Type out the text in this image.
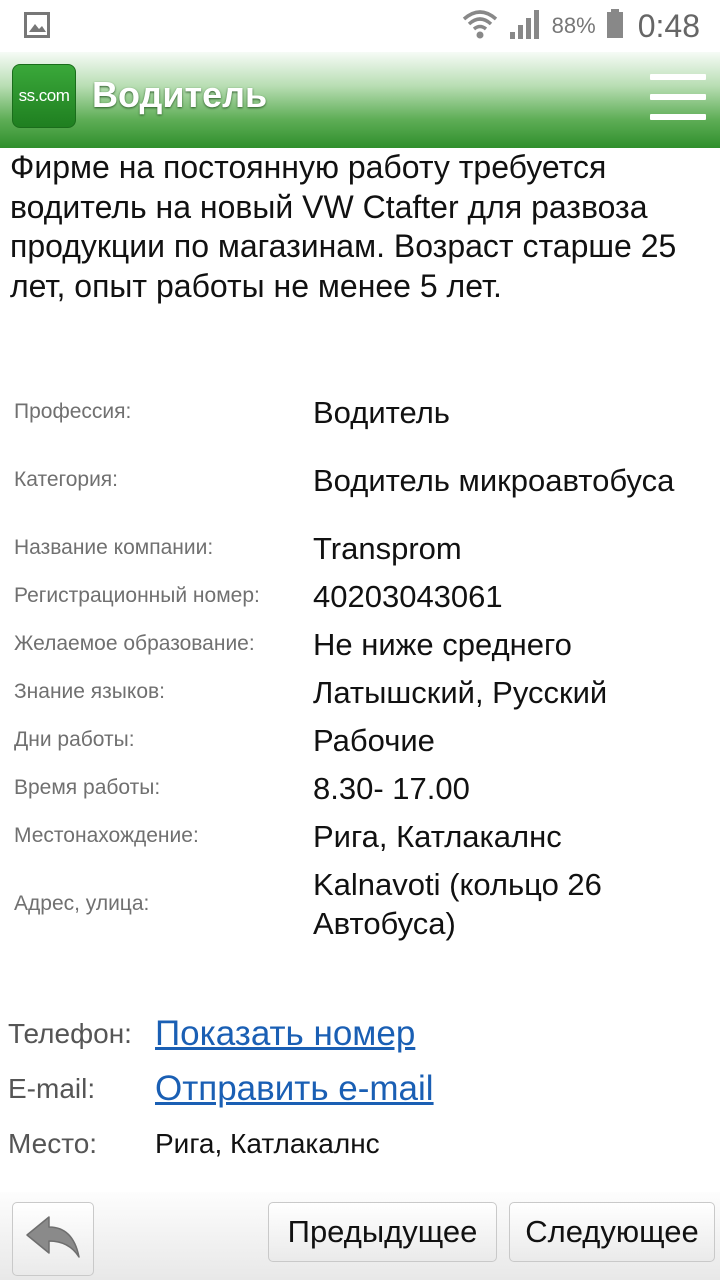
88% 0:48
ss.com Водитель
Фирме на постоянную работу требуется водитель на новый VW Ctafter для развоза продукции по магазинам. Возраст старше 25 лет, опыт работы не менее 5 лет.
Профессия:	Водитель
Категория:	Водитель микроавтобуса
Название компании:	Transprom
Регистрационный номер:	40203043061
Желаемое образование:	Не ниже среднего
Знание языков:	Латышский, Русский
Дни работы:	Рабочие
Время работы:	8.30- 17.00
Местонахождение:	Рига, Катлакалнс
Адрес, улица:
Kalnavoti (кольцо 26 Автобуса)
Телефон: Показать номер
E-mail:	Отправить e-mail
Место:	Рига, Катлакалнс
Предыдущее	Следующее
